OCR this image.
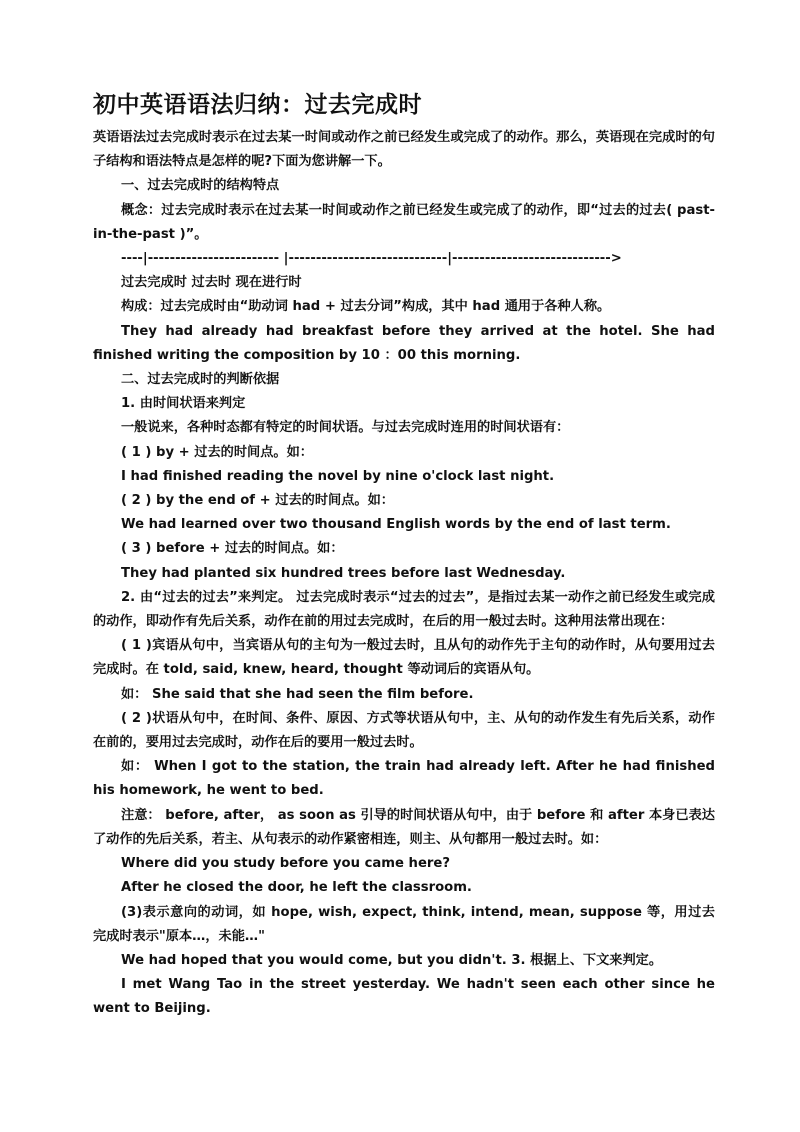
初中英语语法归纳：过去完成时

英语语法过去完成时表示在过去某一时间或动作之前已经发生或完成了的动作。那么，英语现在完成时的句子结构和语法特点是怎样的呢?下面为您讲解一下。

一、过去完成时的结构特点

概念：过去完成时表示在过去某一时间或动作之前已经发生或完成了的动作，即“过去的过去( past-in-the-past )”。

----|------------------------ |-----------------------------|----------------------------->

过去完成时 过去时 现在进行时

构成：过去完成时由“助动词 had + 过去分词”构成，其中 had 通用于各种人称。

They had already had breakfast before they arrived at the hotel. She had finished writing the composition by 10 ：00 this morning.

二、过去完成时的判断依据

1. 由时间状语来判定

一般说来，各种时态都有特定的时间状语。与过去完成时连用的时间状语有：

( 1 ) by + 过去的时间点。如：

I had finished reading the novel by nine o'clock last night.

( 2 ) by the end of + 过去的时间点。如：

We had learned over two thousand English words by the end of last term.

( 3 ) before + 过去的时间点。如：

They had planted six hundred trees before last Wednesday.

2. 由“过去的过去”来判定。 过去完成时表示“过去的过去”，是指过去某一动作之前已经发生或完成的动作，即动作有先后关系，动作在前的用过去完成时，在后的用一般过去时。这种用法常出现在：

( 1 )宾语从句中，当宾语从句的主句为一般过去时，且从句的动作先于主句的动作时，从句要用过去完成时。在 told, said, knew, heard, thought 等动词后的宾语从句。

如： She said that she had seen the film before.

( 2 )状语从句中，在时间、条件、原因、方式等状语从句中，主、从句的动作发生有先后关系，动作在前的，要用过去完成时，动作在后的要用一般过去时。

如： When I got to the station, the train had already left. After he had finished his homework, he went to bed.

注意： before, after， as soon as 引导的时间状语从句中，由于 before 和 after 本身已表达了动作的先后关系，若主、从句表示的动作紧密相连，则主、从句都用一般过去时。如：

Where did you study before you came here?

After he closed the door, he left the classroom.

(3)表示意向的动词，如 hope, wish, expect, think, intend, mean, suppose 等，用过去完成时表示"原本…，未能…"

We had hoped that you would come, but you didn't. 3. 根据上、下文来判定。

I met Wang Tao in the street yesterday. We hadn't seen each other since he went to Beijing.
